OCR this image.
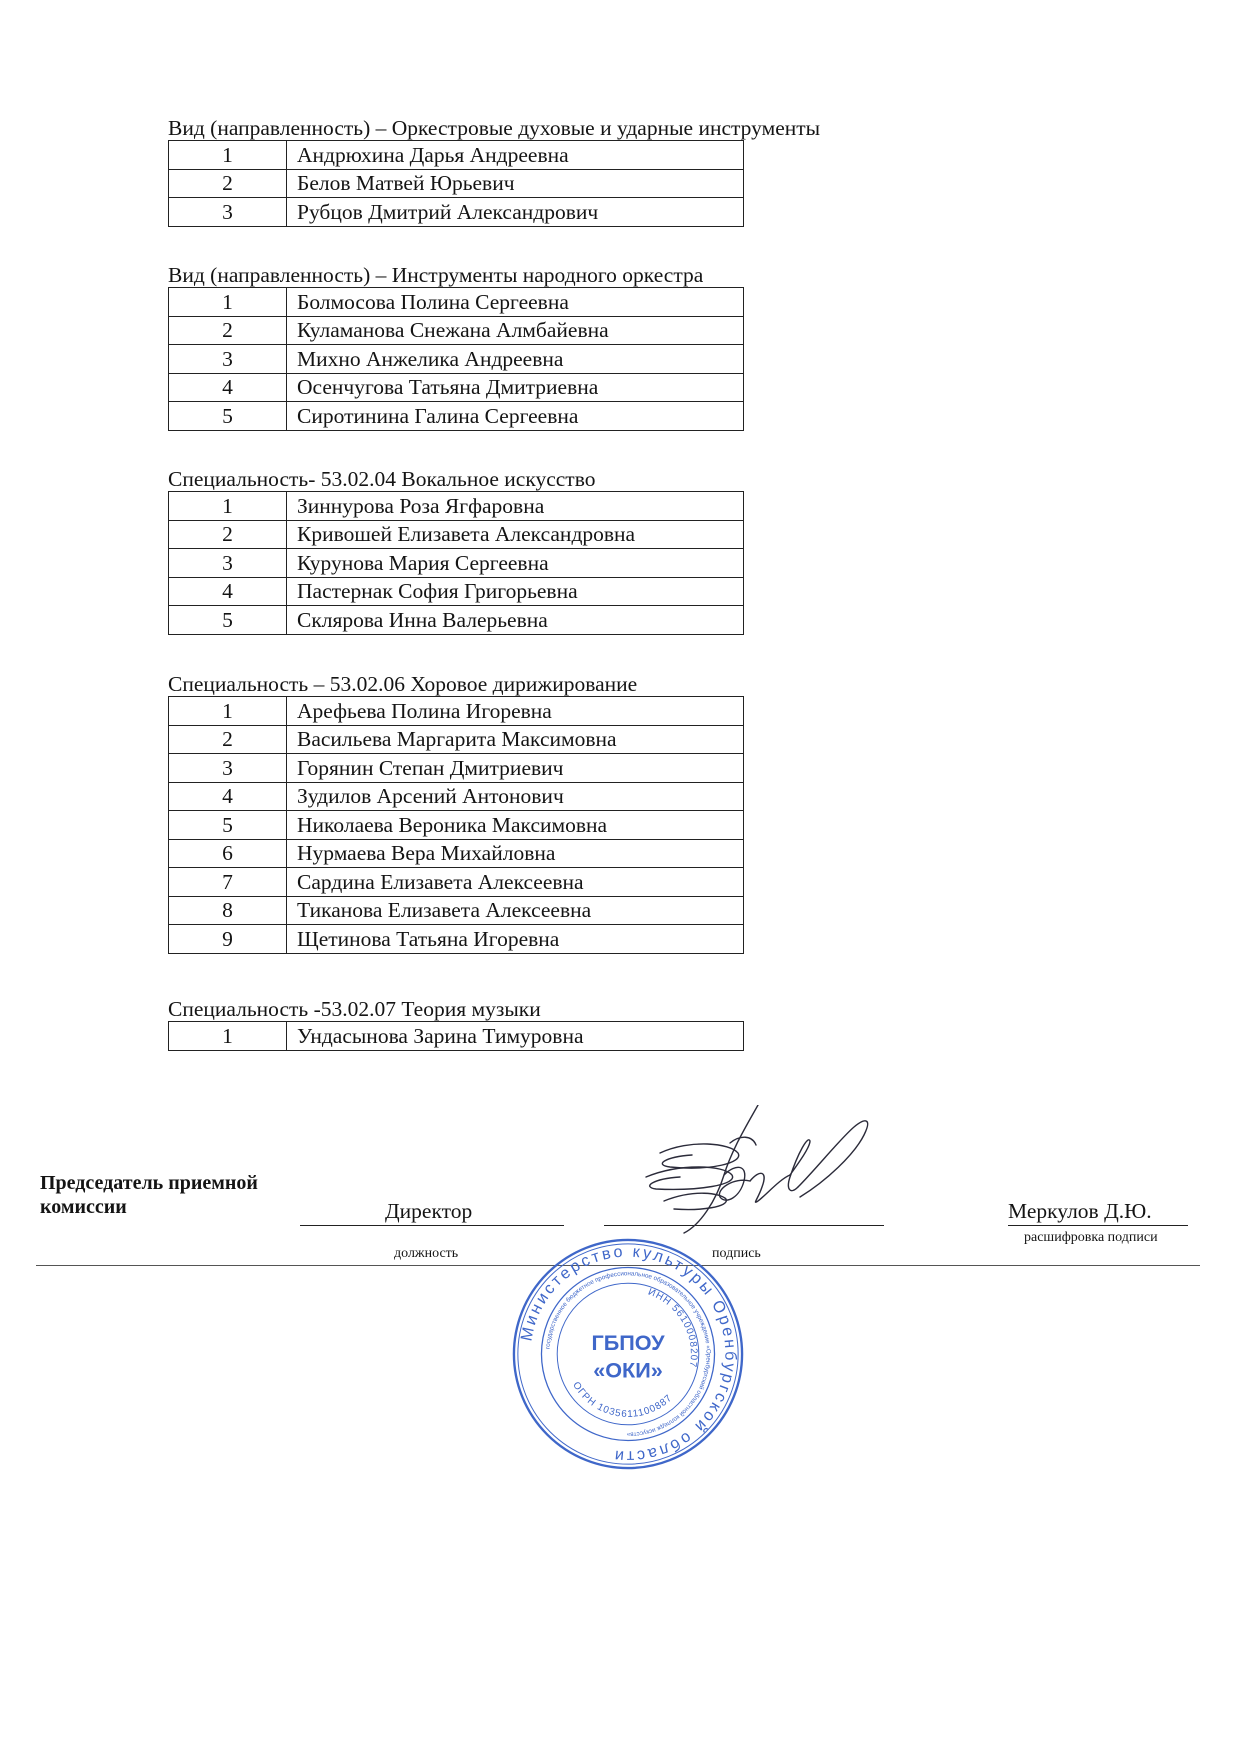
Вид (направленность) – Оркестровые духовые и ударные инструменты
1	Андрюхина Дарья Андреевна
2	Белов Матвей Юрьевич
3	Рубцов Дмитрий Александрович
Вид (направленность) – Инструменты народного оркестра
1	Болмосова Полина Сергеевна
2	Куламанова Снежана Алмбайевна
3	Михно Анжелика Андреевна
4	Осенчугова Татьяна Дмитриевна
5	Сиротинина Галина Сергеевна
Специальность- 53.02.04 Вокальное искусство
1	Зиннурова Роза Ягфаровна
2	Кривошей Елизавета Александровна
3	Курунова Мария Сергеевна
4	Пастернак София Григорьевна
5	Склярова Инна Валерьевна
Специальность – 53.02.06 Хоровое дирижирование
1	Арефьева Полина Игоревна
2	Васильева Маргарита Максимовна
3	Горянин Степан Дмитриевич
4	Зудилов Арсений Антонович
5	Николаева Вероника Максимовна
6	Нурмаева Вера Михайловна
7	Сардина Елизавета Алексеевна
8	Тиканова Елизавета Алексеевна
9	Щетинова Татьяна Игоревна
Специальность -53.02.07 Теория музыки
1	Ундасынова Зарина Тимуровна
Председатель приемной
комиссии	Директор
должность	подпись
Меркулов Д.Ю.
расшифровка подписи
Министерство культуры Оренбургской области
государственное бюджетное профессиональное образовательное учреждение «Оренбургский областной колледж искусств»
ИНН 5610008207
ОГРН 1035611100887
ГБПОУ
«ОКИ»
